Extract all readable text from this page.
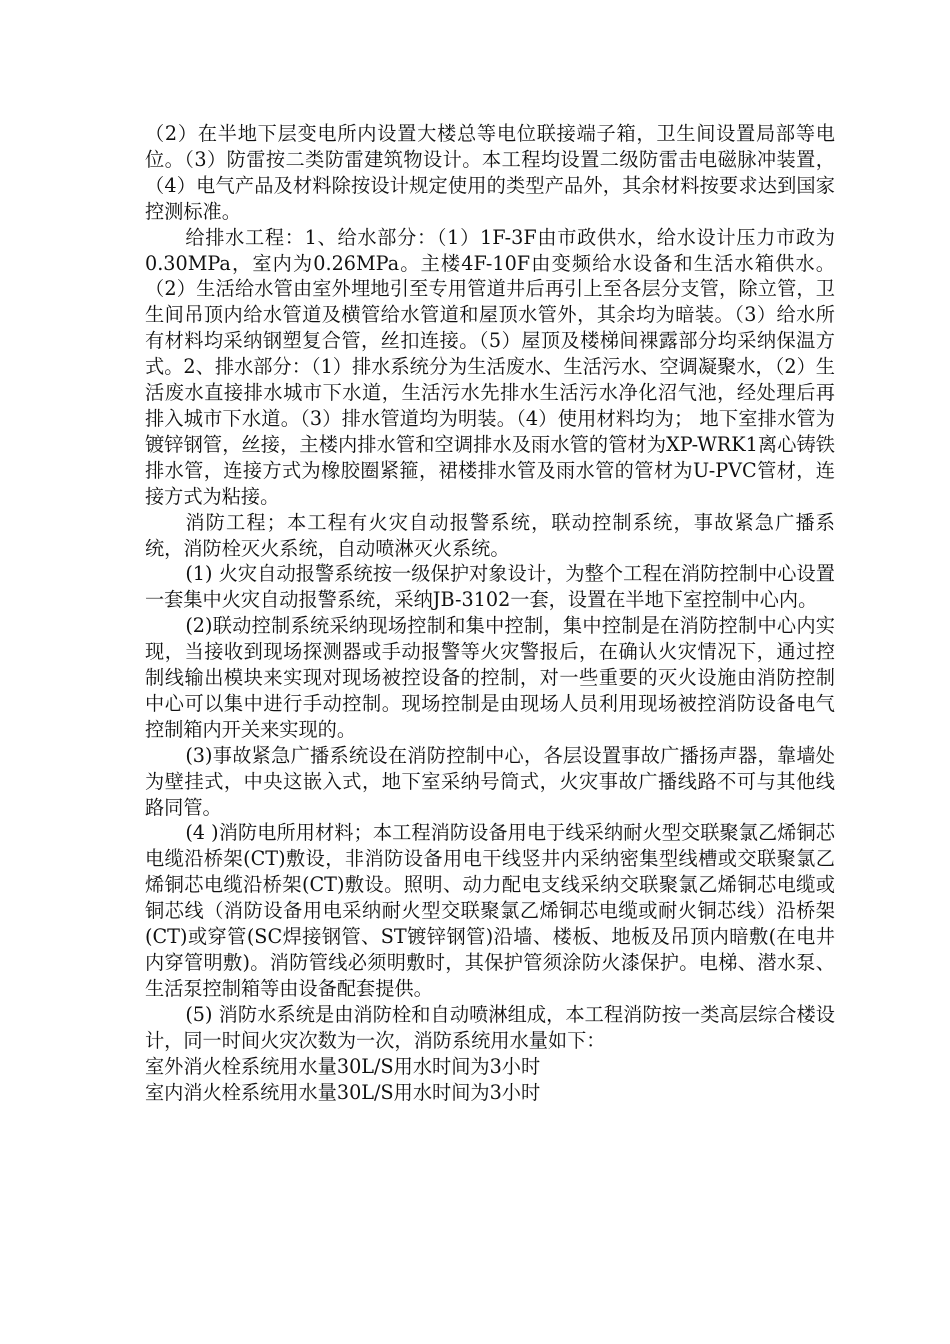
（2）在半地下层变电所内设置大楼总等电位联接端子箱，卫生间设置局部等电位。（3）防雷按二类防雷建筑物设计。本工程均设置二级防雷击电磁脉冲装置，（4）电气产品及材料除按设计规定使用的类型产品外，其余材料按要求达到国家控测标准。

给排水工程：1、给水部分：（1）1F-3F由市政供水，给水设计压力市政为0.30MPa，室内为0.26MPa。主楼4F-10F由变频给水设备和生活水箱供水。（2）生活给水管由室外埋地引至专用管道井后再引上至各层分支管，除立管，卫生间吊顶内给水管道及横管给水管道和屋顶水管外，其余均为暗装。（3）给水所有材料均采纳钢塑复合管，丝扣连接。（5）屋顶及楼梯间裸露部分均采纳保温方式。2、排水部分：（1）排水系统分为生活废水、生活污水、空调凝聚水，（2）生活废水直接排水城市下水道，生活污水先排水生活污水净化沼气池，经处理后再排入城市下水道。（3）排水管道均为明装。（4）使用材料均为； 地下室排水管为镀锌钢管，丝接，主楼内排水管和空调排水及雨水管的管材为XP-WRK1离心铸铁排水管，连接方式为橡胶圈紧箍，裙楼排水管及雨水管的管材为U-PVC管材，连接方式为粘接。

消防工程；本工程有火灾自动报警系统，联动控制系统，事故紧急广播系统，消防栓灭火系统，自动喷淋灭火系统。

(1) 火灾自动报警系统按一级保护对象设计，为整个工程在消防控制中心设置一套集中火灾自动报警系统，采纳JB-3102一套，设置在半地下室控制中心内。

(2)联动控制系统采纳现场控制和集中控制，集中控制是在消防控制中心内实现，当接收到现场探测器或手动报警等火灾警报后，在确认火灾情况下，通过控制线输出模块来实现对现场被控设备的控制，对一些重要的灭火设施由消防控制中心可以集中进行手动控制。现场控制是由现场人员利用现场被控消防设备电气控制箱内开关来实现的。

(3)事故紧急广播系统设在消防控制中心，各层设置事故广播扬声器，靠墙处为壁挂式，中央这嵌入式，地下室采纳号筒式，火灾事故广播线路不可与其他线路同管。

(4 )消防电所用材料；本工程消防设备用电于线采纳耐火型交联聚氯乙烯铜芯电缆沿桥架(CT)敷设，非消防设备用电干线竖井内采纳密集型线槽或交联聚氯乙烯铜芯电缆沿桥架(CT)敷设。照明、动力配电支线采纳交联聚氯乙烯铜芯电缆或铜芯线（消防设备用电采纳耐火型交联聚氯乙烯铜芯电缆或耐火铜芯线）沿桥架(CT)或穿管(SC焊接钢管、ST镀锌钢管)沿墙、楼板、地板及吊顶内暗敷(在电井内穿管明敷)。消防管线必须明敷时，其保护管须涂防火漆保护。电梯、潜水泵、生活泵控制箱等由设备配套提供。

(5) 消防水系统是由消防栓和自动喷淋组成，本工程消防按一类高层综合楼设计，同一时间火灾次数为一次，消防系统用水量如下：

室外消火栓系统用水量30L/S用水时间为3小时

室内消火栓系统用水量30L/S用水时间为3小时
